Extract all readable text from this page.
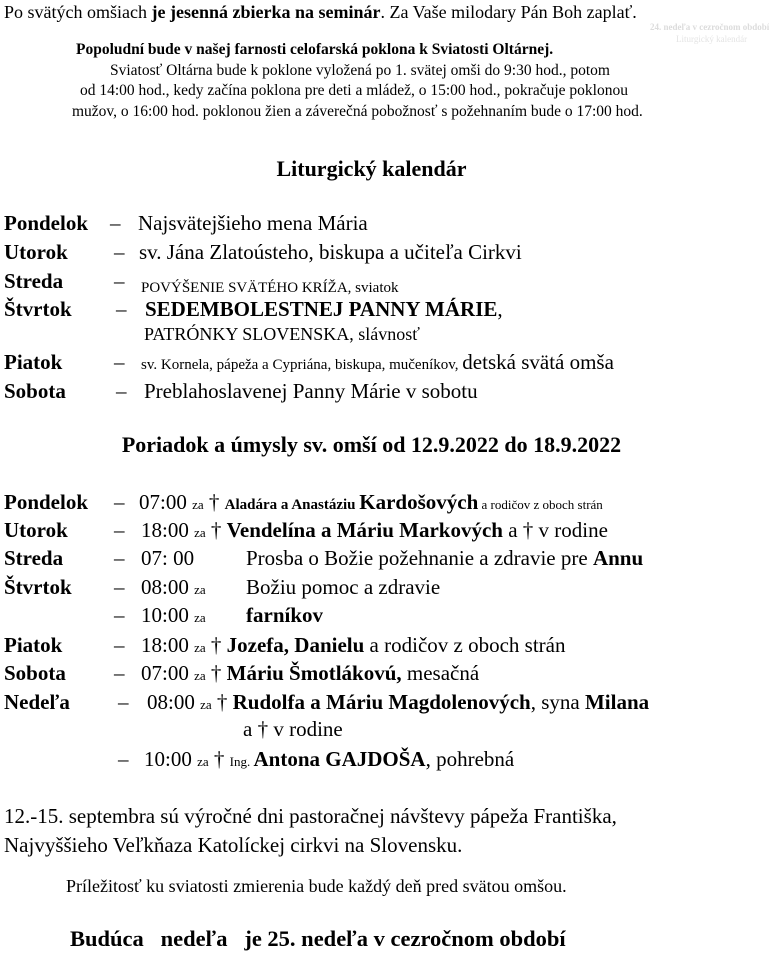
24. nedeľa v cezročnom období
Liturgický kalendár
Po svätých omšiach je jesenná zbierka na seminár. Za Vaše milodary Pán Boh zaplať.
Popoludní bude v našej farnosti celofarská poklona k Sviatosti Oltárnej.
Sviatosť Oltárna bude k poklone vyložená po 1. svätej omši do 9:30 hod., potom
od 14:00 hod., kedy začína poklona pre deti a mládež, o 15:00 hod., pokračuje poklonou
mužov, o 16:00 hod. poklonou žien a záverečná pobožnosť s požehnaním bude o 17:00 hod.
Liturgický kalendár
Pondelok – Najsvätejšieho mena Mária
Utorok – sv. Jána Zlatoústeho, biskupa a učiteľa Cirkvi
Streda – POVÝŠENIE SVÄTÉHO KRÍŽA, sviatok
Štvrtok – SEDEMBOLESTNEJ PANNY MÁRIE,
PATRÓNKY SLOVENSKA, slávnosť
Piatok – sv. Kornela, pápeža a Cypriána, biskupa, mučeníkov, detská svätá omša
Sobota – Preblahoslavenej Panny Márie v sobotu
Poriadok a úmysly sv. omší od 12.9.2022 do 18.9.2022
Pondelok – 07:00 za † Aladára a Anastáziu Kardošových a rodičov z oboch strán
Utorok – 18:00 za † Vendelína a Máriu Markových a † v rodine
Streda – 07: 00 Prosba o Božie požehnanie a zdravie pre Annu
Štvrtok – 08:00 za Božiu pomoc a zdravie
– 10:00 za farníkov
Piatok – 18:00 za † Jozefa, Danielu a rodičov z oboch strán
Sobota – 07:00 za † Máriu Šmotlákovú, mesačná
Nedeľa – 08:00 za † Rudolfa a Máriu Magdolenových, syna Milana
a † v rodine
– 10:00 za † Ing. Antona GAJDOŠA, pohrebná
12.-15. septembra sú výročné dni pastoračnej návštevy pápeža Františka,
Najvyššieho Veľkňaza Katolíckej cirkvi na Slovensku.
Príležitosť ku sviatosti zmierenia bude každý deň pred svätou omšou.
Budúca   nedeľa   je 25. nedeľa v cezročnom období
